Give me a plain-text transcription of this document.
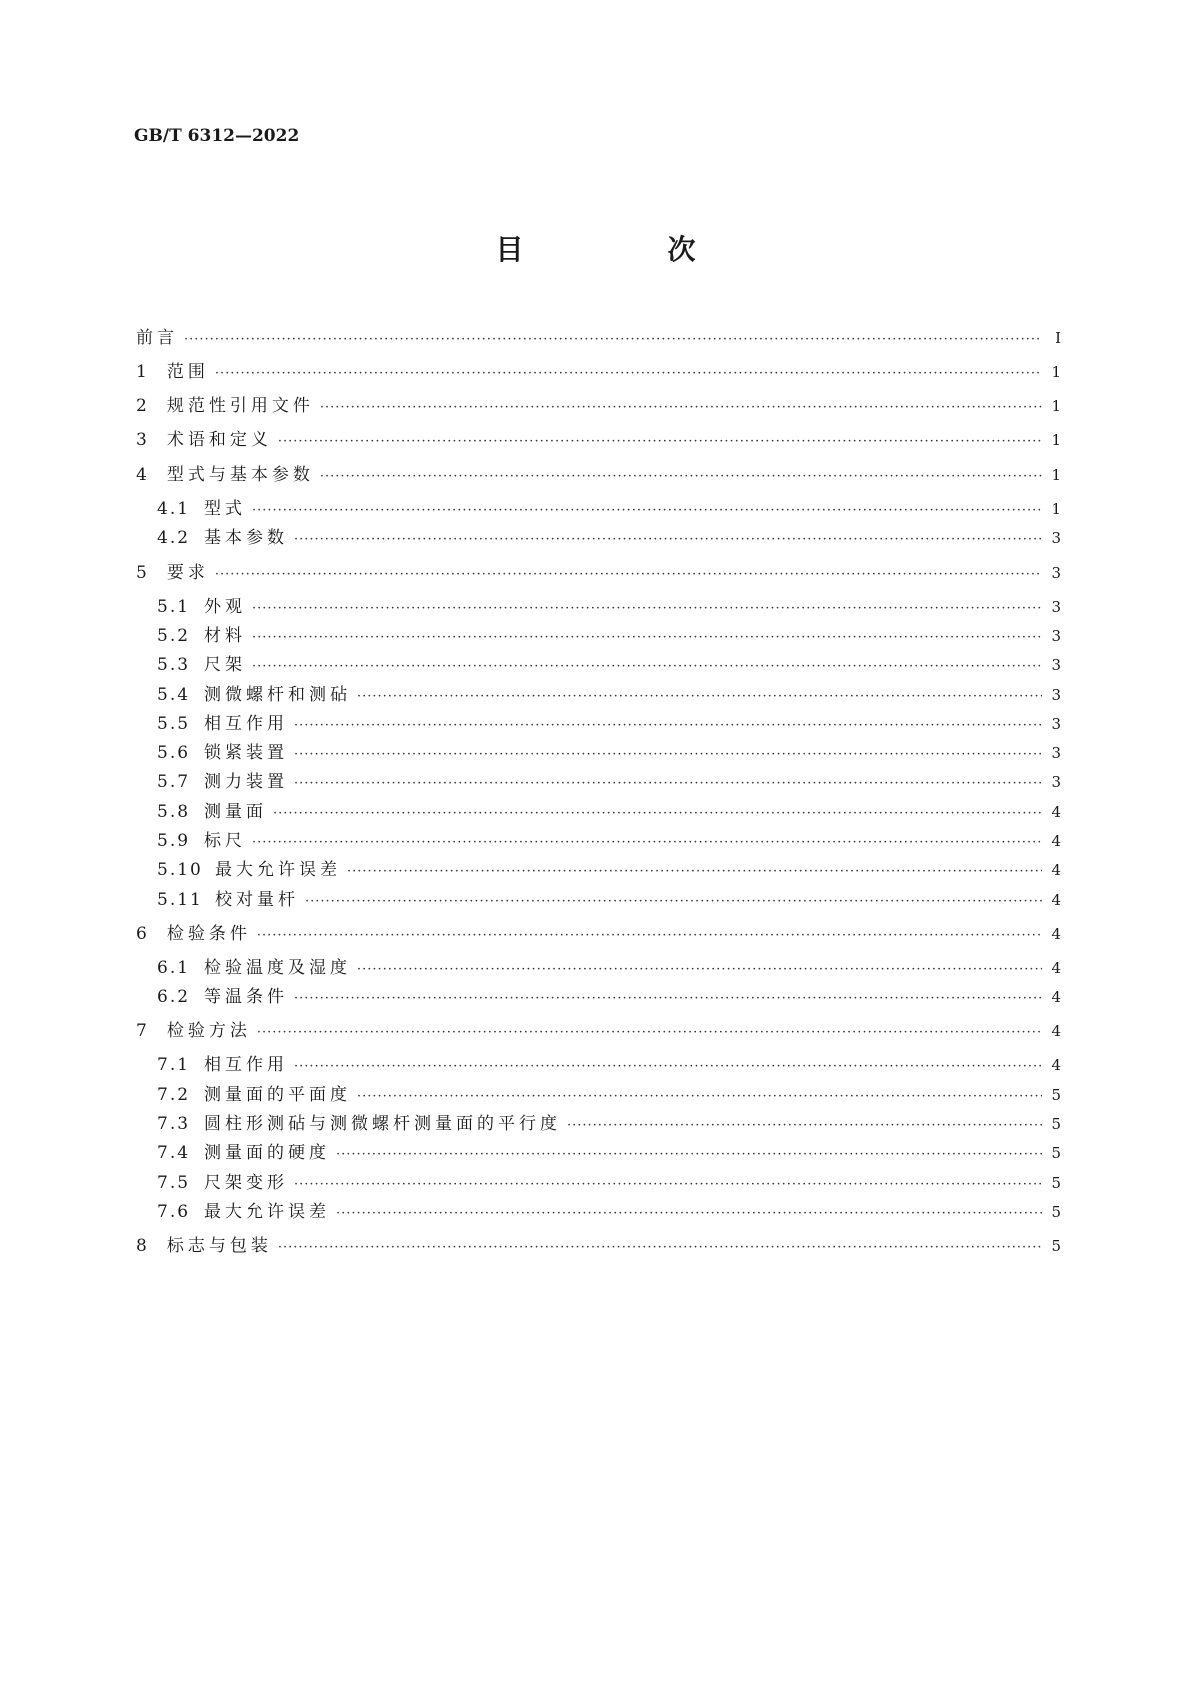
GB/T 6312—2022
目　次
前言 ·····	Ⅰ
1 范围 ·····	1
2 规范性引用文件 ·····	1
3 术语和定义 ·····	1
4 型式与基本参数 ·····	1
4.1 型式 ·····	1
4.2 基本参数 ·····	3
5 要求 ·····	3
5.1 外观 ·····	3
5.2 材料 ·····	3
5.3 尺架 ·····	3
5.4 测微螺杆和测砧 ·····	3
5.5 相互作用 ·····	3
5.6 锁紧装置 ·····	3
5.7 测力装置 ·····	3
5.8 测量面 ·····	4
5.9 标尺 ·····	4
5.10 最大允许误差 ·····	4
5.11 校对量杆 ·····	4
6 检验条件 ·····	4
6.1 检验温度及湿度 ·····	4
6.2 等温条件 ·····	4
7 检验方法 ·····	4
7.1 相互作用 ·····	4
7.2 测量面的平面度 ·····	5
7.3 圆柱形测砧与测微螺杆测量面的平行度 ·····	5
7.4 测量面的硬度 ·····	5
7.5 尺架变形 ·····	5
7.6 最大允许误差 ·····	5
8 标志与包装 ·····	5
